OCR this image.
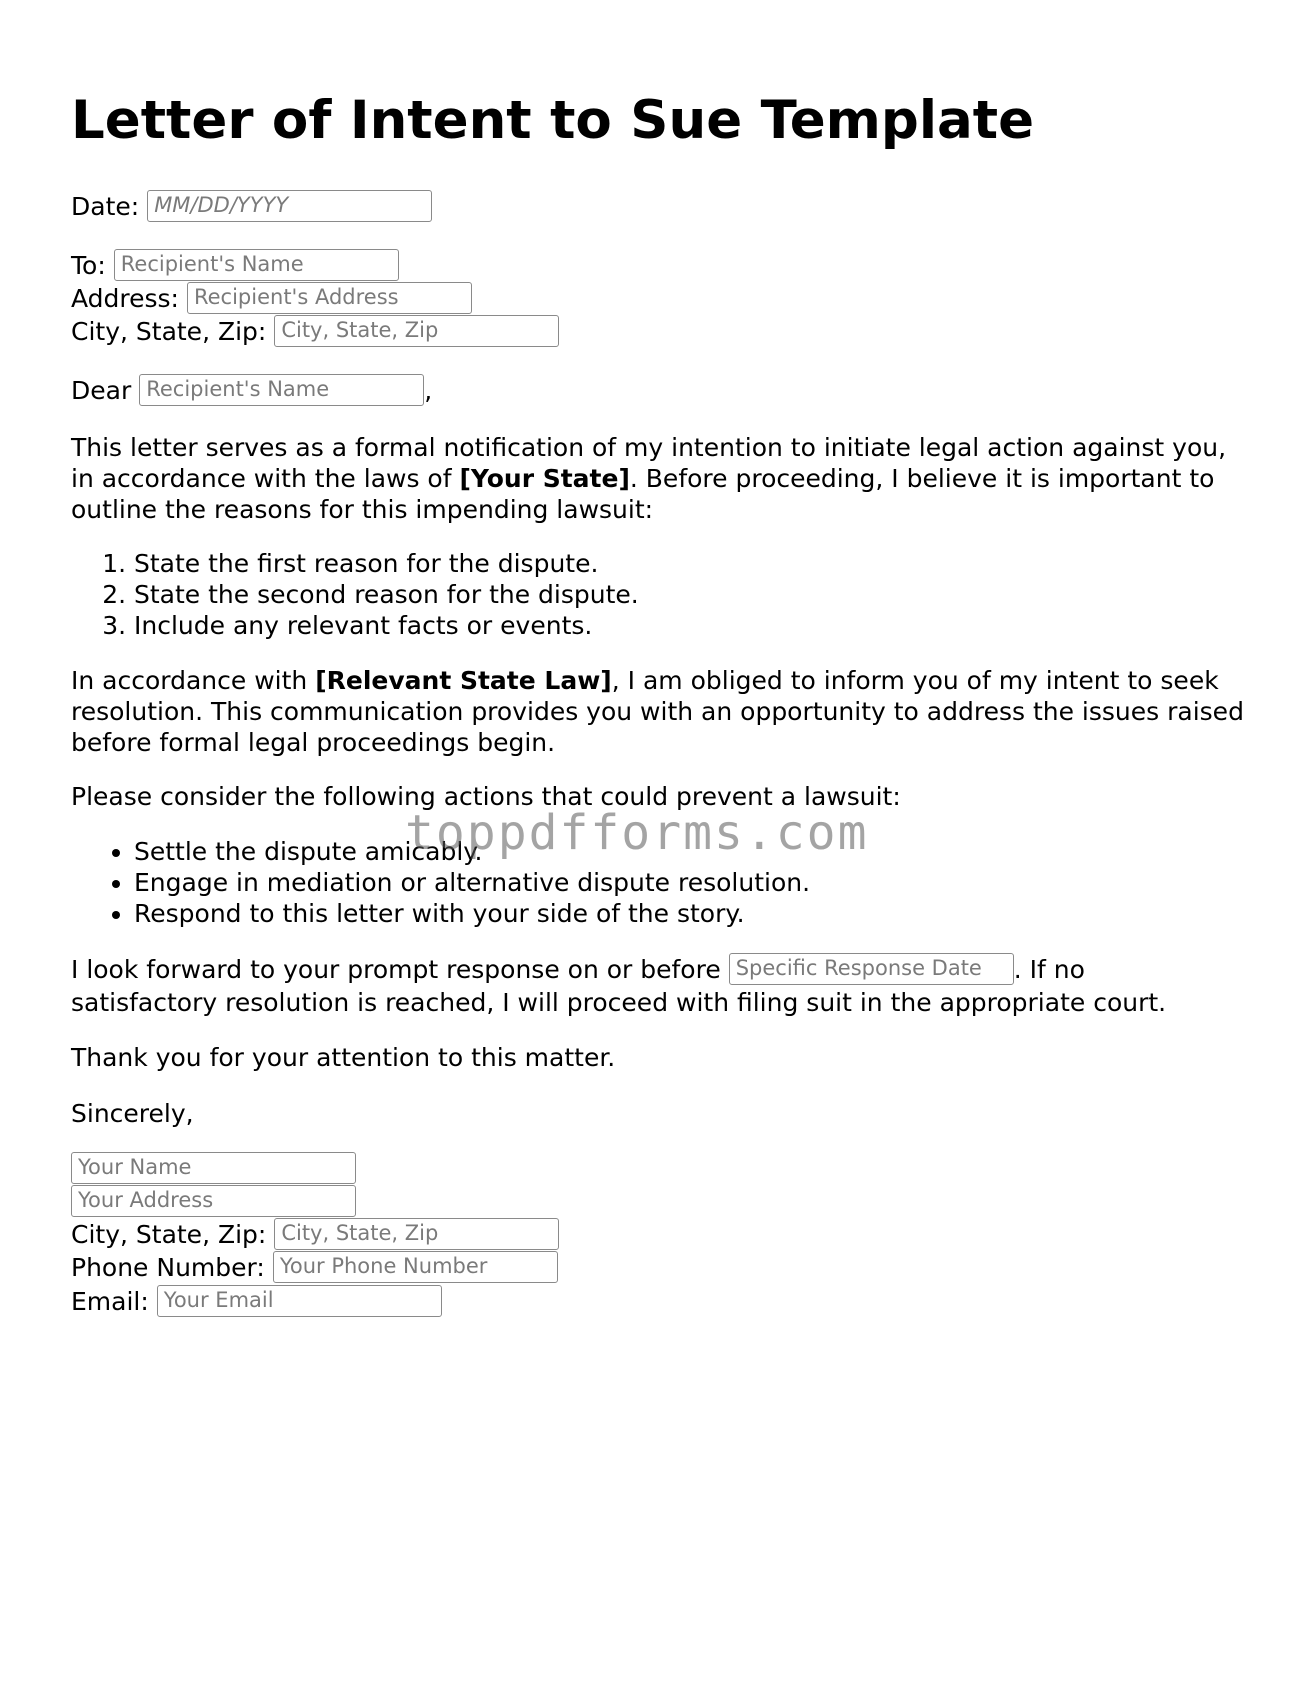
Letter of Intent to Sue Template
Date: MM/DD/YYYY
To: Recipient's Name
Address: Recipient's Address
City, State, Zip: City, State, Zip
Dear Recipient's Name	,

This letter serves as a formal notification of my intention to initiate legal action against you, in accordance with the laws of [Your State]. Before proceeding, I believe it is important to outline the reasons for this impending lawsuit:

1. State the first reason for the dispute.
2. State the second reason for the dispute.
3. Include any relevant facts or events.

In accordance with [Relevant State Law], I am obliged to inform you of my intent to seek resolution. This communication provides you with an opportunity to address the issues raised before formal legal proceedings begin.

Please consider the following actions that could prevent a lawsuit:

• Settle the dispute amicably.
• Engage in mediation or alternative dispute resolution.
• Respond to this letter with your side of the story.
I look forward to your prompt response on or before Specific Response Date	. If no
satisfactory resolution is reached, I will proceed with filing suit in the appropriate court.
Thank you for your attention to this matter.
Sincerely,
Your Name
Your Address
City, State, Zip: City, State, Zip
Phone Number: Your Phone Number
Email: Your Email
toppdfforms.com
